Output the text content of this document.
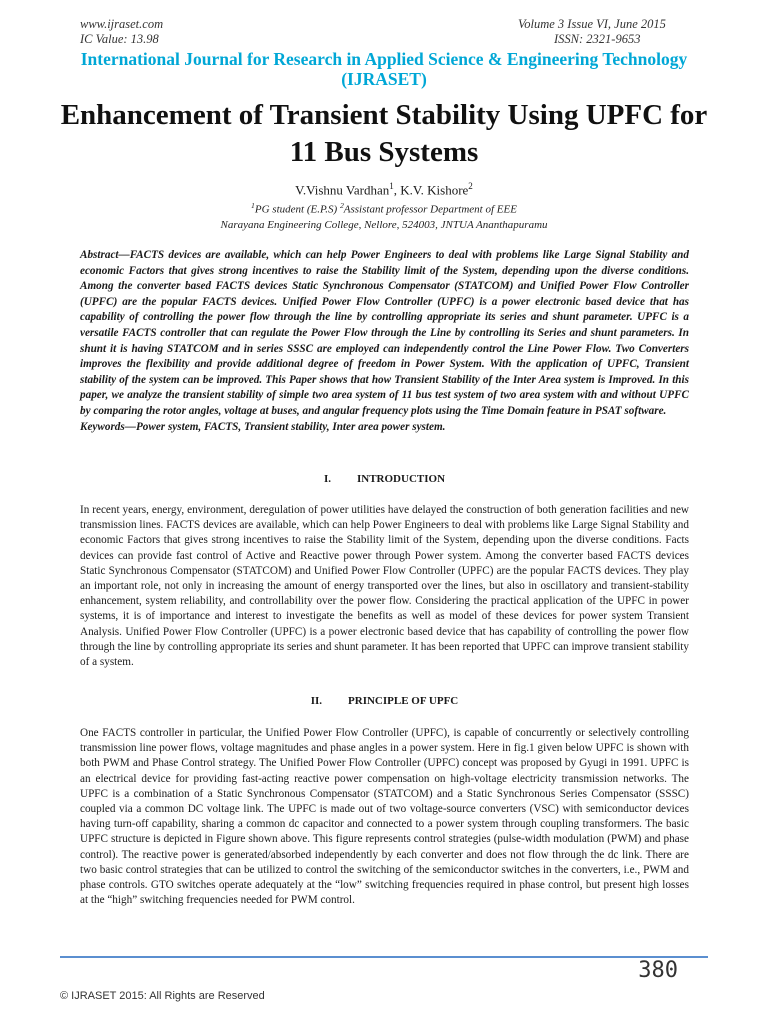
www.ijraset.com
IC Value: 13.98
Volume 3 Issue VI, June 2015
ISSN: 2321-9653
International Journal for Research in Applied Science & Engineering Technology (IJRASET)
Enhancement of Transient Stability Using UPFC for 11 Bus Systems
V.Vishnu Vardhan$^1$, K.V. Kishore$^2$
$^1$PG student (E.P.S) $^2$Assistant professor Department of EEE
Narayana Engineering College, Nellore, 524003, JNTUA Ananthapuramu

Abstract—FACTS devices are available, which can help Power Engineers to deal with problems like Large Signal Stability and economic Factors that gives strong incentives to raise the Stability limit of the System, depending upon the diverse conditions. Among the converter based FACTS devices Static Synchronous Compensator (STATCOM) and Unified Power Flow Controller (UPFC) are the popular FACTS devices. Unified Power Flow Controller (UPFC) is a power electronic based device that has capability of controlling the power flow through the line by controlling appropriate its series and shunt parameter. UPFC is a versatile FACTS controller that can regulate the Power Flow through the Line by controlling its Series and shunt parameters. In shunt it is having STATCOM and in series SSSC are employed can independently control the Line Power Flow. Two Converters improves the flexibility and provide additional degree of freedom in Power System. With the application of UPFC, Transient stability of the system can be improved. This Paper shows that how Transient Stability of the Inter Area system is Improved. In this paper, we analyze the transient stability of simple two area system of 11 bus test system of two area system with and without UPFC by comparing the rotor angles, voltage at buses, and angular frequency plots using the Time Domain feature in PSAT software.

Keywords—Power system, FACTS, Transient stability, Inter area power system.

I. INTRODUCTION
In recent years, energy, environment, deregulation of power utilities have delayed the construction of both generation facilities and new transmission lines. FACTS devices are available, which can help Power Engineers to deal with problems like Large Signal Stability and economic Factors that gives strong incentives to raise the Stability limit of the System, depending upon the diverse conditions. Facts devices can provide fast control of Active and Reactive power through Power system. Among the converter based FACTS devices Static Synchronous Compensator (STATCOM) and Unified Power Flow Controller (UPFC) are the popular FACTS devices. They play an important role, not only in increasing the amount of energy transported over the lines, but also in oscillatory and transient-stability enhancement, system reliability, and controllability over the power flow. Considering the practical application of the UPFC in power systems, it is of importance and interest to investigate the benefits as well as model of these devices for power system Transient Analysis. Unified Power Flow Controller (UPFC) is a power electronic based device that has capability of controlling the power flow through the line by controlling appropriate its series and shunt parameter. It has been reported that UPFC can improve transient stability of a system.
II. PRINCIPLE OF UPFC
One FACTS controller in particular, the Unified Power Flow Controller (UPFC), is capable of concurrently or selectively controlling transmission line power flows, voltage magnitudes and phase angles in a power system. Here in fig.1 given below UPFC is shown with both PWM and Phase Control strategy. The Unified Power Flow Controller (UPFC) concept was proposed by Gyugi in 1991. UPFC is an electrical device for providing fast-acting reactive power compensation on high-voltage electricity transmission networks. The UPFC is a combination of a Static Synchronous Compensator (STATCOM) and a Static Synchronous Series Compensator (SSSC) coupled via a common DC voltage link. The UPFC is made out of two voltage-source converters (VSC) with semiconductor devices having turn-off capability, sharing a common dc capacitor and connected to a power system through coupling transformers. The basic UPFC structure is depicted in Figure shown above. This figure represents control strategies (pulse-width modulation (PWM) and phase control). The reactive power is generated/absorbed independently by each converter and does not flow through the dc link. There are two basic control strategies that can be utilized to control the switching of the semiconductor switches in the converters, i.e., PWM and phase controls. GTO switches operate adequately at the “low” switching frequencies required in phase control, but present high losses at the “high” switching frequencies needed for PWM control.
380
© IJRASET 2015: All Rights are Reserved
